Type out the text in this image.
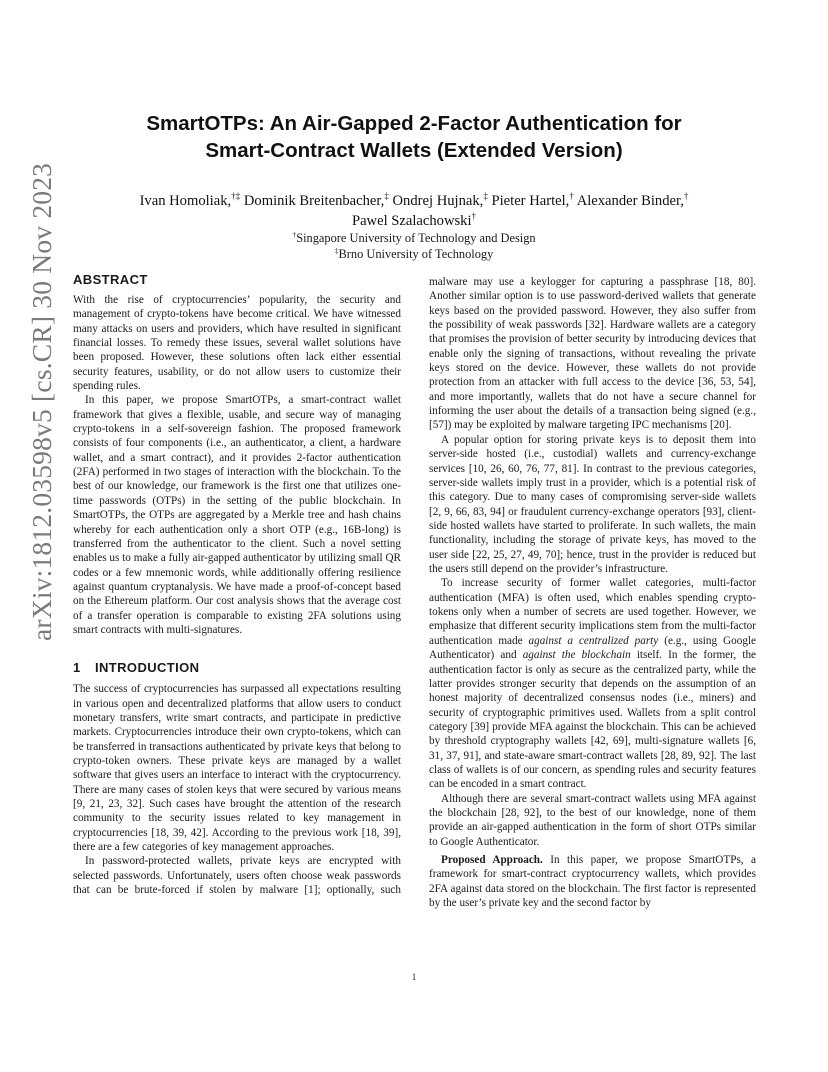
arXiv:1812.03598v5 [cs.CR] 30 Nov 2023
SmartOTPs: An Air-Gapped 2-Factor Authentication for
Smart-Contract Wallets (Extended Version)
Ivan Homoliak,†‡ Dominik Breitenbacher,‡ Ondrej Hujnak,‡ Pieter Hartel,† Alexander Binder,†
Pawel Szalachowski†
†Singapore University of Technology and Design
‡Brno University of Technology
ABSTRACT

With the rise of cryptocurrencies’ popularity, the security and management of crypto-tokens have become critical. We have witnessed many attacks on users and providers, which have resulted in significant financial losses. To remedy these issues, several wallet solutions have been proposed. However, these solutions often lack either essential security features, usability, or do not allow users to customize their spending rules.

In this paper, we propose SmartOTPs, a smart-contract wallet framework that gives a flexible, usable, and secure way of managing crypto-tokens in a self-sovereign fashion. The proposed framework consists of four components (i.e., an authenticator, a client, a hardware wallet, and a smart contract), and it provides 2-factor authentication (2FA) performed in two stages of interaction with the blockchain. To the best of our knowledge, our framework is the first one that utilizes one-time passwords (OTPs) in the setting of the public blockchain. In SmartOTPs, the OTPs are aggregated by a Merkle tree and hash chains whereby for each authentication only a short OTP (e.g., 16B-long) is transferred from the authenticator to the client. Such a novel setting enables us to make a fully air-gapped authenticator by utilizing small QR codes or a few mnemonic words, while additionally offering resilience against quantum cryptanalysis. We have made a proof-of-concept based on the Ethereum platform. Our cost analysis shows that the average cost of a transfer operation is comparable to existing 2FA solutions using smart contracts with multi-signatures.

1 INTRODUCTION

The success of cryptocurrencies has surpassed all expectations resulting in various open and decentralized platforms that allow users to conduct monetary transfers, write smart contracts, and participate in predictive markets. Cryptocurrencies introduce their own crypto-tokens, which can be transferred in transactions authenticated by private keys that belong to crypto-token owners. These private keys are managed by a wallet software that gives users an interface to interact with the cryptocurrency. There are many cases of stolen keys that were secured by various means [9, 21, 23, 32]. Such cases have brought the attention of the research community to the security issues related to key management in cryptocurrencies [18, 39, 42]. According to the previous work [18, 39], there are a few categories of key management approaches.

In password-protected wallets, private keys are encrypted with selected passwords. Unfortunately, users often choose weak passwords that can be brute-forced if stolen by malware [1]; optionally, such

malware may use a keylogger for capturing a passphrase [18, 80]. Another similar option is to use password-derived wallets that generate keys based on the provided password. However, they also suffer from the possibility of weak passwords [32]. Hardware wallets are a category that promises the provision of better security by introducing devices that enable only the signing of transactions, without revealing the private keys stored on the device. However, these wallets do not provide protection from an attacker with full access to the device [36, 53, 54], and more importantly, wallets that do not have a secure channel for informing the user about the details of a transaction being signed (e.g., [57]) may be exploited by malware targeting IPC mechanisms [20].

A popular option for storing private keys is to deposit them into server-side hosted (i.e., custodial) wallets and currency-exchange services [10, 26, 60, 76, 77, 81]. In contrast to the previous categories, server-side wallets imply trust in a provider, which is a potential risk of this category. Due to many cases of compromising server-side wallets [2, 9, 66, 83, 94] or fraudulent currency-exchange operators [93], client-side hosted wallets have started to proliferate. In such wallets, the main functionality, including the storage of private keys, has moved to the user side [22, 25, 27, 49, 70]; hence, trust in the provider is reduced but the users still depend on the provider’s infrastructure.

To increase security of former wallet categories, multi-factor authentication (MFA) is often used, which enables spending crypto-tokens only when a number of secrets are used together. However, we emphasize that different security implications stem from the multi-factor authentication made against a centralized party (e.g., using Google Authenticator) and against the blockchain itself. In the former, the authentication factor is only as secure as the centralized party, while the latter provides stronger security that depends on the assumption of an honest majority of decentralized consensus nodes (i.e., miners) and security of cryptographic primitives used. Wallets from a split control category [39] provide MFA against the blockchain. This can be achieved by threshold cryptography wallets [42, 69], multi-signature wallets [6, 31, 37, 91], and state-aware smart-contract wallets [28, 89, 92]. The last class of wallets is of our concern, as spending rules and security features can be encoded in a smart contract.

Although there are several smart-contract wallets using MFA against the blockchain [28, 92], to the best of our knowledge, none of them provide an air-gapped authentication in the form of short OTPs similar to Google Authenticator.

Proposed Approach. In this paper, we propose SmartOTPs, a framework for smart-contract cryptocurrency wallets, which provides 2FA against data stored on the blockchain. The first factor is represented by the user’s private key and the second factor by

1
